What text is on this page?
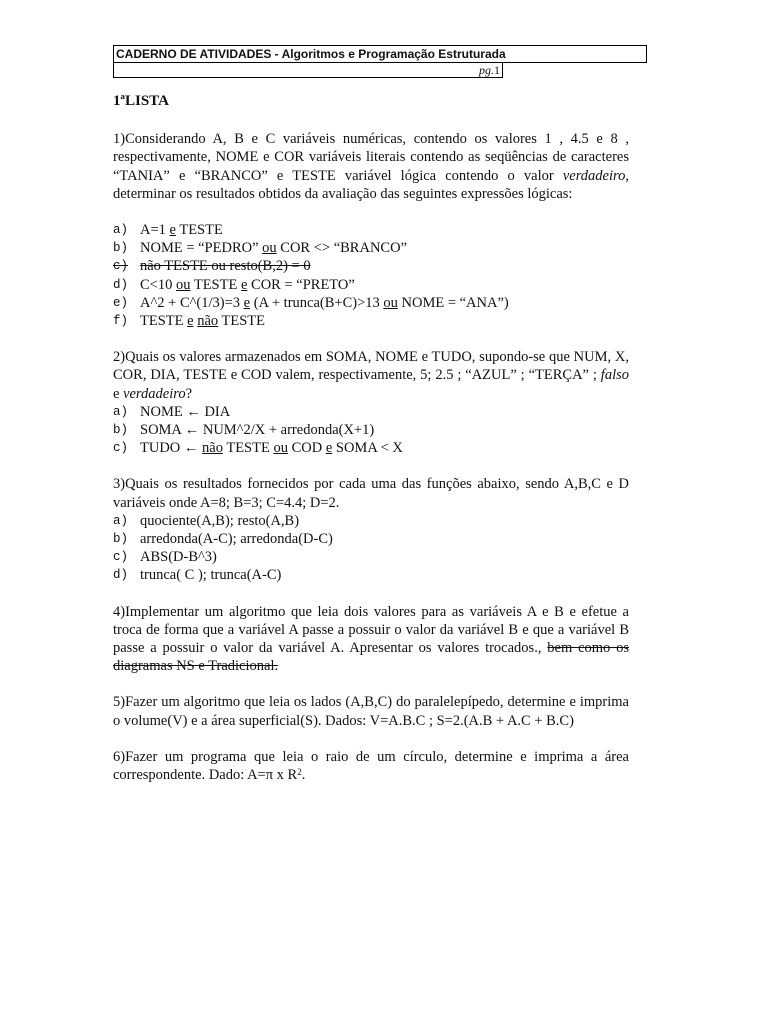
CADERNO DE ATIVIDADES - Algoritmos e Programação Estruturada
pg.1

1ªLISTA

1)Considerando A, B e C variáveis numéricas, contendo os valores 1 , 4.5 e 8 , respectivamente, NOME e COR variáveis literais contendo as seqüências de caracteres “TANIA” e “BRANCO” e TESTE variável lógica contendo o valor verdadeiro, determinar os resultados obtidos da avaliação das seguintes expressões lógicas:

a) A=1 e TESTE
b) NOME = “PEDRO” ou COR <> “BRANCO”
c) não TESTE ou resto(B,2) = 0
d) C<10 ou TESTE e COR = “PRETO”
e) A^2 + C^(1/3)=3 e (A + trunca(B+C)>13 ou NOME = “ANA”)
f) TESTE e não TESTE

2)Quais os valores armazenados em SOMA, NOME e TUDO, supondo-se que NUM, X, COR, DIA, TESTE e COD valem, respectivamente, 5; 2.5 ; “AZUL” ; “TERÇA” ; falso e verdadeiro?

a) NOME ← DIA
b) SOMA ← NUM^2/X + arredonda(X+1)
c) TUDO ← não TESTE ou COD e SOMA < X

3)Quais os resultados fornecidos por cada uma das funções abaixo, sendo A,B,C e D variáveis onde A=8; B=3; C=4.4; D=2.

a) quociente(A,B); resto(A,B)
b) arredonda(A-C); arredonda(D-C)
c) ABS(D-B^3)
d) trunca( C ); trunca(A-C)

4)Implementar um algoritmo que leia dois valores para as variáveis A e B e efetue a troca de forma que a variável A passe a possuir o valor da variável B e que a variável B passe a possuir o valor da variável A. Apresentar os valores trocados., bem como os diagramas NS e Tradicional.

5)Fazer um algoritmo que leia os lados (A,B,C) do paralelepípedo, determine e imprima o volume(V) e a área superficial(S). Dados: V=A.B.C ; S=2.(A.B + A.C + B.C)

6)Fazer um programa que leia o raio de um círculo, determine e imprima a área correspondente. Dado: A=π x $R^2$.
